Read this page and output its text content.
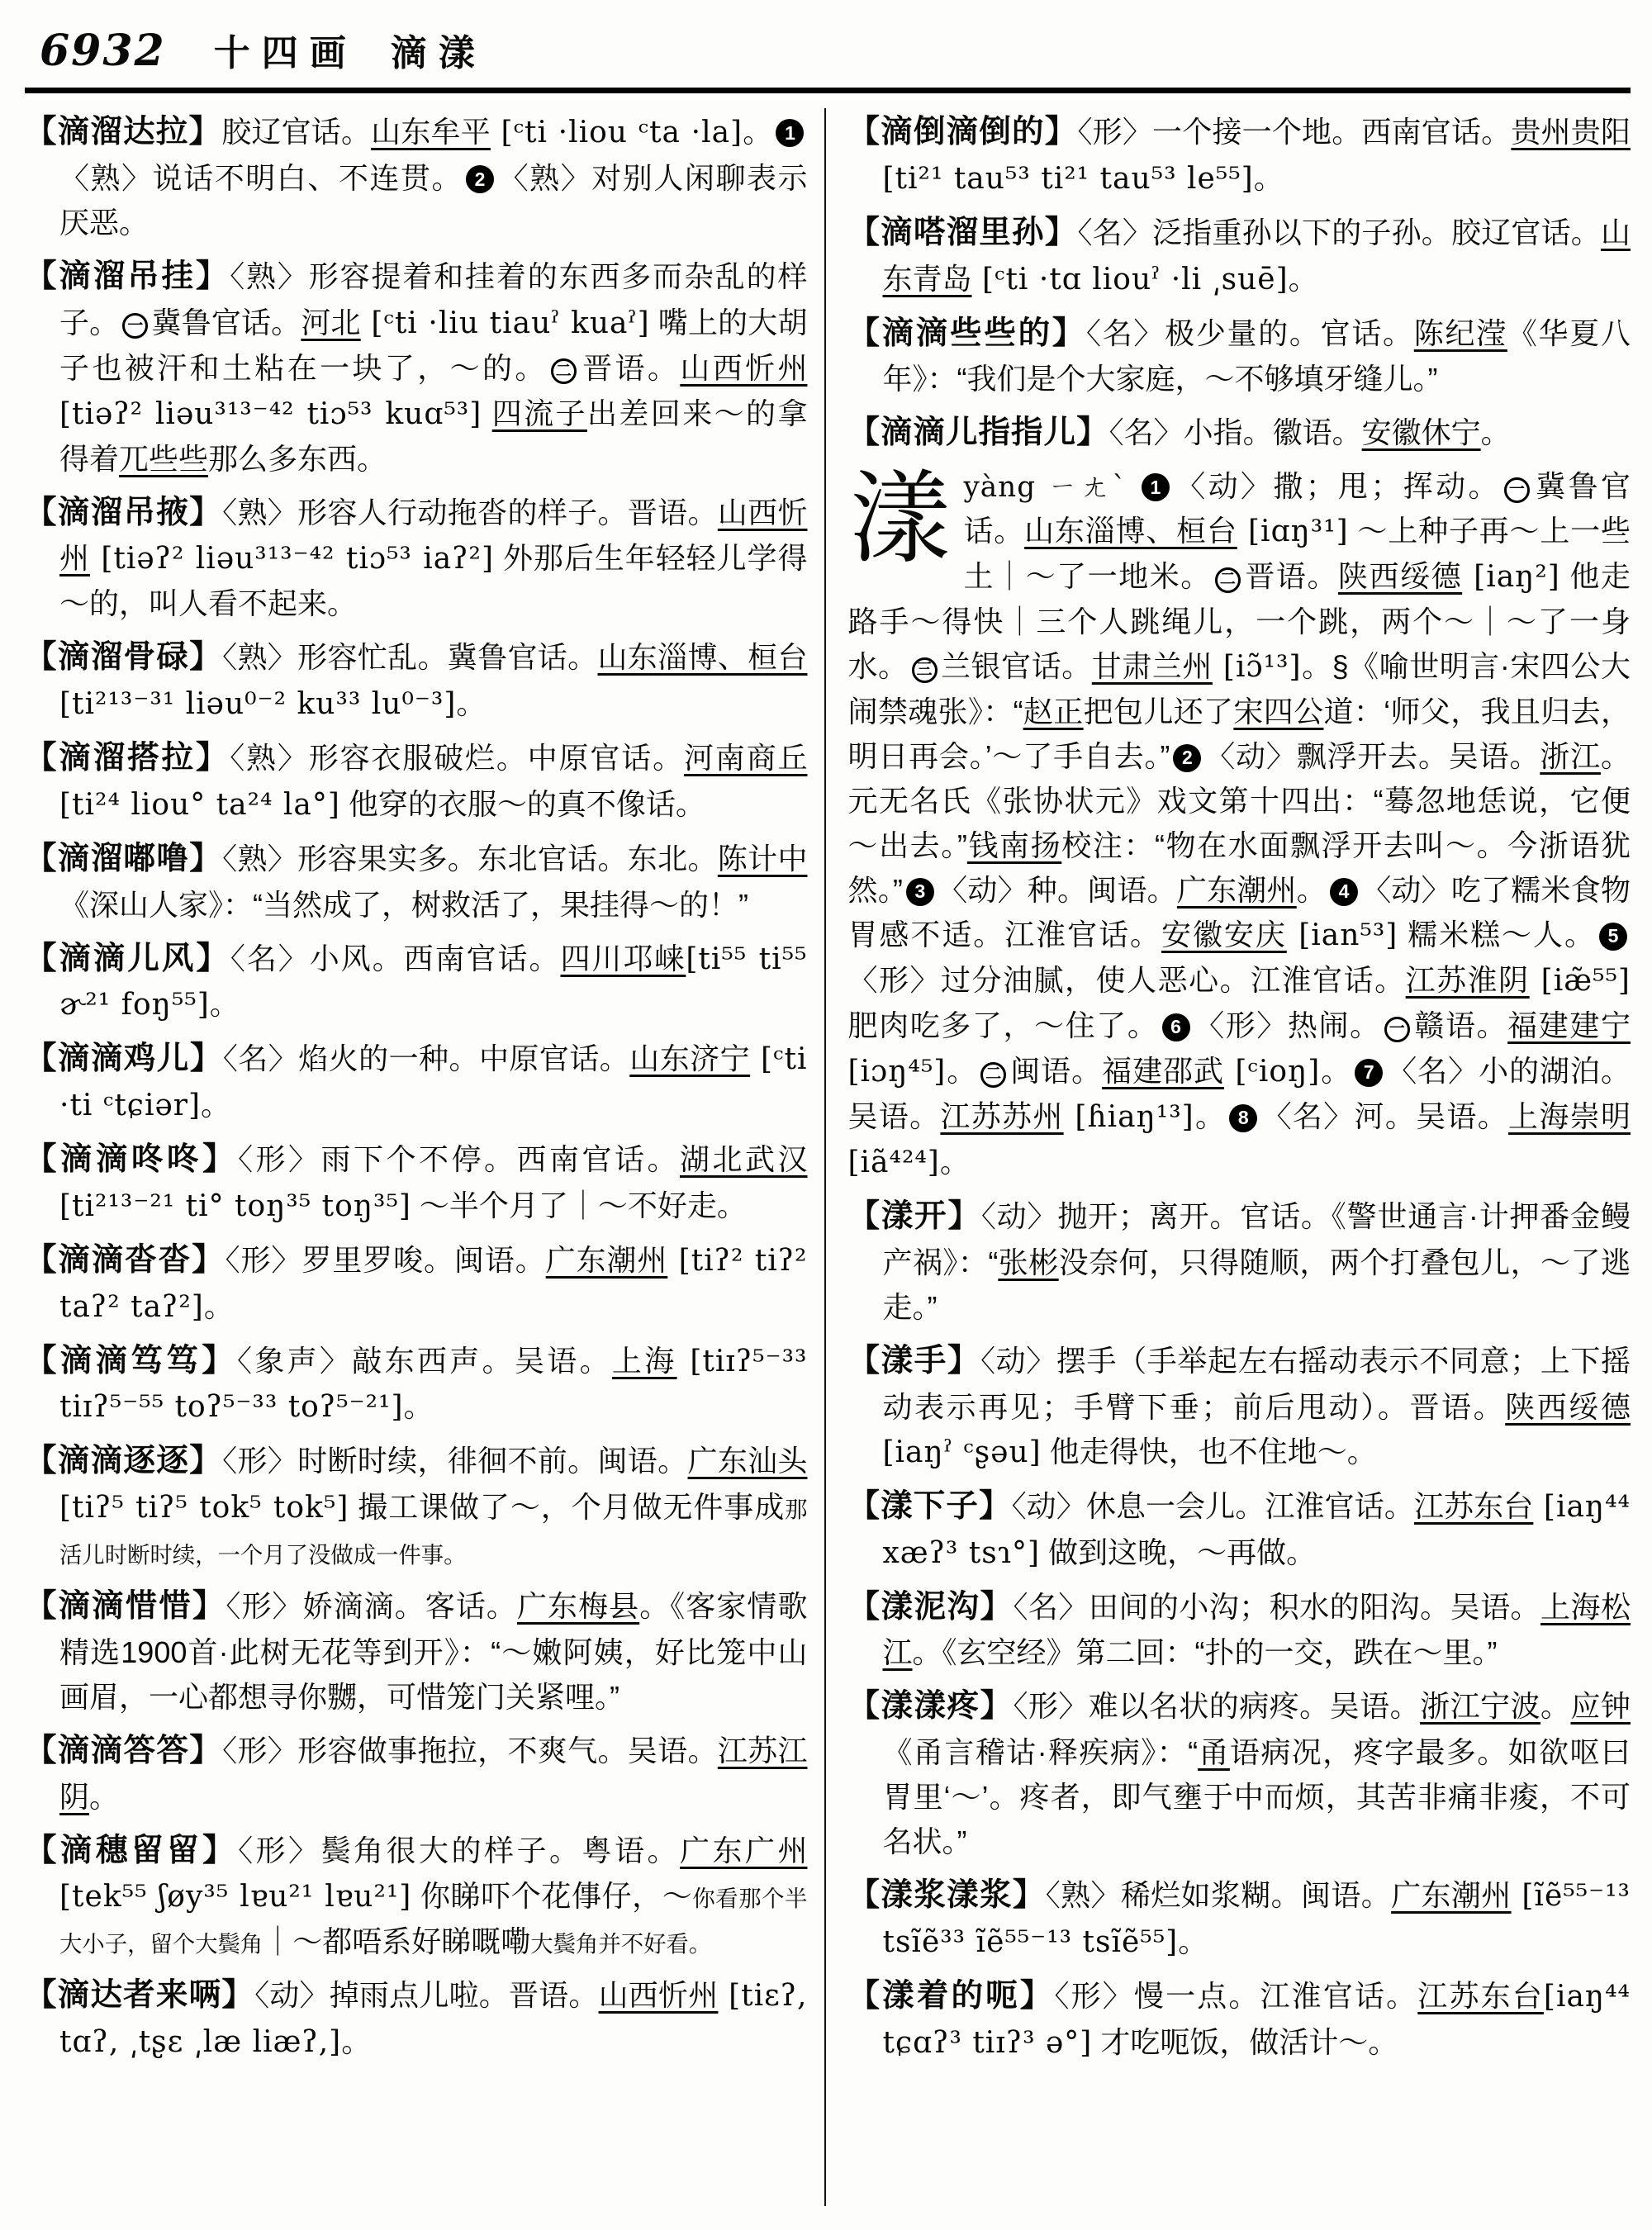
6932 十四画 滴漾
【滴溜达拉】胶辽官话。山东牟平 [ᶜti ·liou ᶜta ·la]。 1〈熟〉说话不明白、不连贯。 2 〈熟〉对别人闲聊表示厌恶。
【滴溜吊挂】〈熟〉形容提着和挂着的东西多而杂乱的样子。 一 冀鲁官话。河北 [ᶜti ·liu tiauˀ kuaˀ] 嘴上的大胡子也被汗和土粘在一块了，～的。 二 晋语。山西忻州 [tiəʔ² liəu³¹³⁻⁴² tiɔ⁵³ kuɑ⁵³] 四流子出差回来～的拿得着兀些些那么多东西。
【滴溜吊掖】〈熟〉形容人行动拖沓的样子。晋语。山西忻州 [tiəʔ² liəu³¹³⁻⁴² tiɔ⁵³ iaʔ²] 外那后生年轻轻儿学得～的，叫人看不起来。
【滴溜骨碌】〈熟〉形容忙乱。冀鲁官话。山东淄博、桓台 [ti²¹³⁻³¹ liəu⁰⁻² ku³³ lu⁰⁻³]。
【滴溜搭拉】〈熟〉形容衣服破烂。中原官话。河南商丘 [ti²⁴ liou° ta²⁴ la°] 他穿的衣服～的真不像话。
【滴溜嘟噜】〈熟〉形容果实多。东北官话。东北。陈计中《深山人家》：“当然成了，树救活了，果挂得～的！”
【滴滴儿风】〈名〉小风。西南官话。四川邛崃[ti⁵⁵ ti⁵⁵ ɚ²¹ foŋ⁵⁵]。
【滴滴鸡儿】〈名〉焰火的一种。中原官话。山东济宁 [ᶜti ·ti ᶜtɕiər]。
【滴滴咚咚】〈形〉雨下个不停。西南官话。湖北武汉 [ti²¹³⁻²¹ ti° toŋ³⁵ toŋ³⁵] ～半个月了｜～不好走。
【滴滴沓沓】〈形〉罗里罗唆。闽语。广东潮州 [tiʔ² tiʔ² taʔ² taʔ²]。
【滴滴笃笃】〈象声〉敲东西声。吴语。上海 [tiɪʔ⁵⁻³³ tiɪʔ⁵⁻⁵⁵ toʔ⁵⁻³³ toʔ⁵⁻²¹]。
【滴滴逐逐】〈形〉时断时续，徘徊不前。闽语。广东汕头 [tiʔ⁵ tiʔ⁵ tok⁵ tok⁵] 撮工课做了～，个月做无件事成那活儿时断时续，一个月了没做成一件事。
【滴滴惜惜】〈形〉娇滴滴。客话。广东梅县。《客家情歌精选1900首·此树无花等到开》：“～嫩阿姨，好比笼中山画眉，一心都想寻你嬲，可惜笼门关紧哩。”
【滴滴答答】〈形〉形容做事拖拉，不爽气。吴语。江苏江阴。
【滴穗留留】〈形〉鬓角很大的样子。粤语。广东广州 [tek⁵⁵ ʃøy³⁵ lɐu²¹ lɐu²¹] 你睇吓个花倳仔，～你看那个半大小子，留个大鬓角｜～都唔系好睇嘅嘞大鬓角并不好看。
【滴达者来唡】〈动〉掉雨点儿啦。晋语。山西忻州 [tiɛʔ, tɑʔ, ͵tʂɛ ͵læ liæʔ,]。
【滴倒滴倒的】〈形〉一个接一个地。西南官话。贵州贵阳 [ti²¹ tau⁵³ ti²¹ tau⁵³ le⁵⁵]。
【滴嗒溜里孙】〈名〉泛指重孙以下的子孙。胶辽官话。山东青岛 [ᶜti ·tɑ liouˀ ·li ͵suē]。
【滴滴些些的】〈名〉极少量的。官话。陈纪滢《华夏八年》：“我们是个大家庭，～不够填牙缝儿。”
【滴滴儿指指儿】〈名〉小指。徽语。安徽休宁。
漾yàng ㄧㄤˋ 1 〈动〉撒；甩；挥动。 一 冀鲁官话。山东淄博、桓台 [iɑŋ³¹] ～上种子再～上一些土｜～了一地米。 二 晋语。陕西绥德 [iaŋ²] 他走路手～得快｜三个人跳绳儿，一个跳，两个～｜～了一身水。 三 兰银官话。甘肃兰州 [iɔ̃¹³]。§《喻世明言·宋四公大闹禁魂张》：“赵正把包儿还了宋四公道：‘师父，我且归去，明日再会。’～了手自去。” 2 〈动〉飘浮开去。吴语。浙江。元无名氏《张协状元》戏文第十四出：“蓦忽地恁说，它便～出去。”钱南扬校注：“物在水面飘浮开去叫～。今浙语犹然。” 3 〈动〉种。闽语。广东潮州。 4 〈动〉吃了糯米食物胃感不适。江淮官话。安徽安庆 [ian⁵³] 糯米糕～人。 5〈形〉过分油腻，使人恶心。江淮官话。江苏淮阴 [iæ̃⁵⁵] 肥肉吃多了，～住了。 6 〈形〉热闹。 一 赣语。福建建宁 [iɔŋ⁴⁵]。 二 闽语。福建邵武 [ᶜioŋ]。 7 〈名〉小的湖泊。吴语。江苏苏州 [ɦiaŋ¹³]。 8 〈名〉河。吴语。上海崇明 [iã⁴²⁴]。
【漾开】〈动〉抛开；离开。官话。《警世通言·计押番金鳗产祸》：“张彬没奈何，只得随顺，两个打叠包儿，～了逃走。”
【漾手】〈动〉摆手（手举起左右摇动表示不同意；上下摇动表示再见；手臂下垂；前后甩动）。晋语。陕西绥德[iaŋˀ ᶜʂəu] 他走得快，也不住地～。
【漾下子】〈动〉休息一会儿。江淮官话。江苏东台 [iaŋ⁴⁴ xæʔ³ tsɿ°] 做到这晚，～再做。
【漾泥沟】〈名〉田间的小沟；积水的阳沟。吴语。上海松江。《玄空经》第二回：“扑的一交，跌在～里。”
【漾漾疼】〈形〉难以名状的病疼。吴语。浙江宁波。应钟《甬言稽诂·释疾病》：“甬语病况，疼字最多。如欲呕曰胃里‘～’。疼者，即气壅于中而烦，其苦非痛非痠，不可名状。”
【漾浆漾浆】〈熟〉稀烂如浆糊。闽语。广东潮州 [ĩẽ⁵⁵⁻¹³ tsĩẽ³³ ĩẽ⁵⁵⁻¹³ tsĩẽ⁵⁵]。
【漾着的呃】〈形〉慢一点。江淮官话。江苏东台[iaŋ⁴⁴ tɕɑʔ³ tiɪʔ³ ə°] 才吃呃饭，做活计～。
